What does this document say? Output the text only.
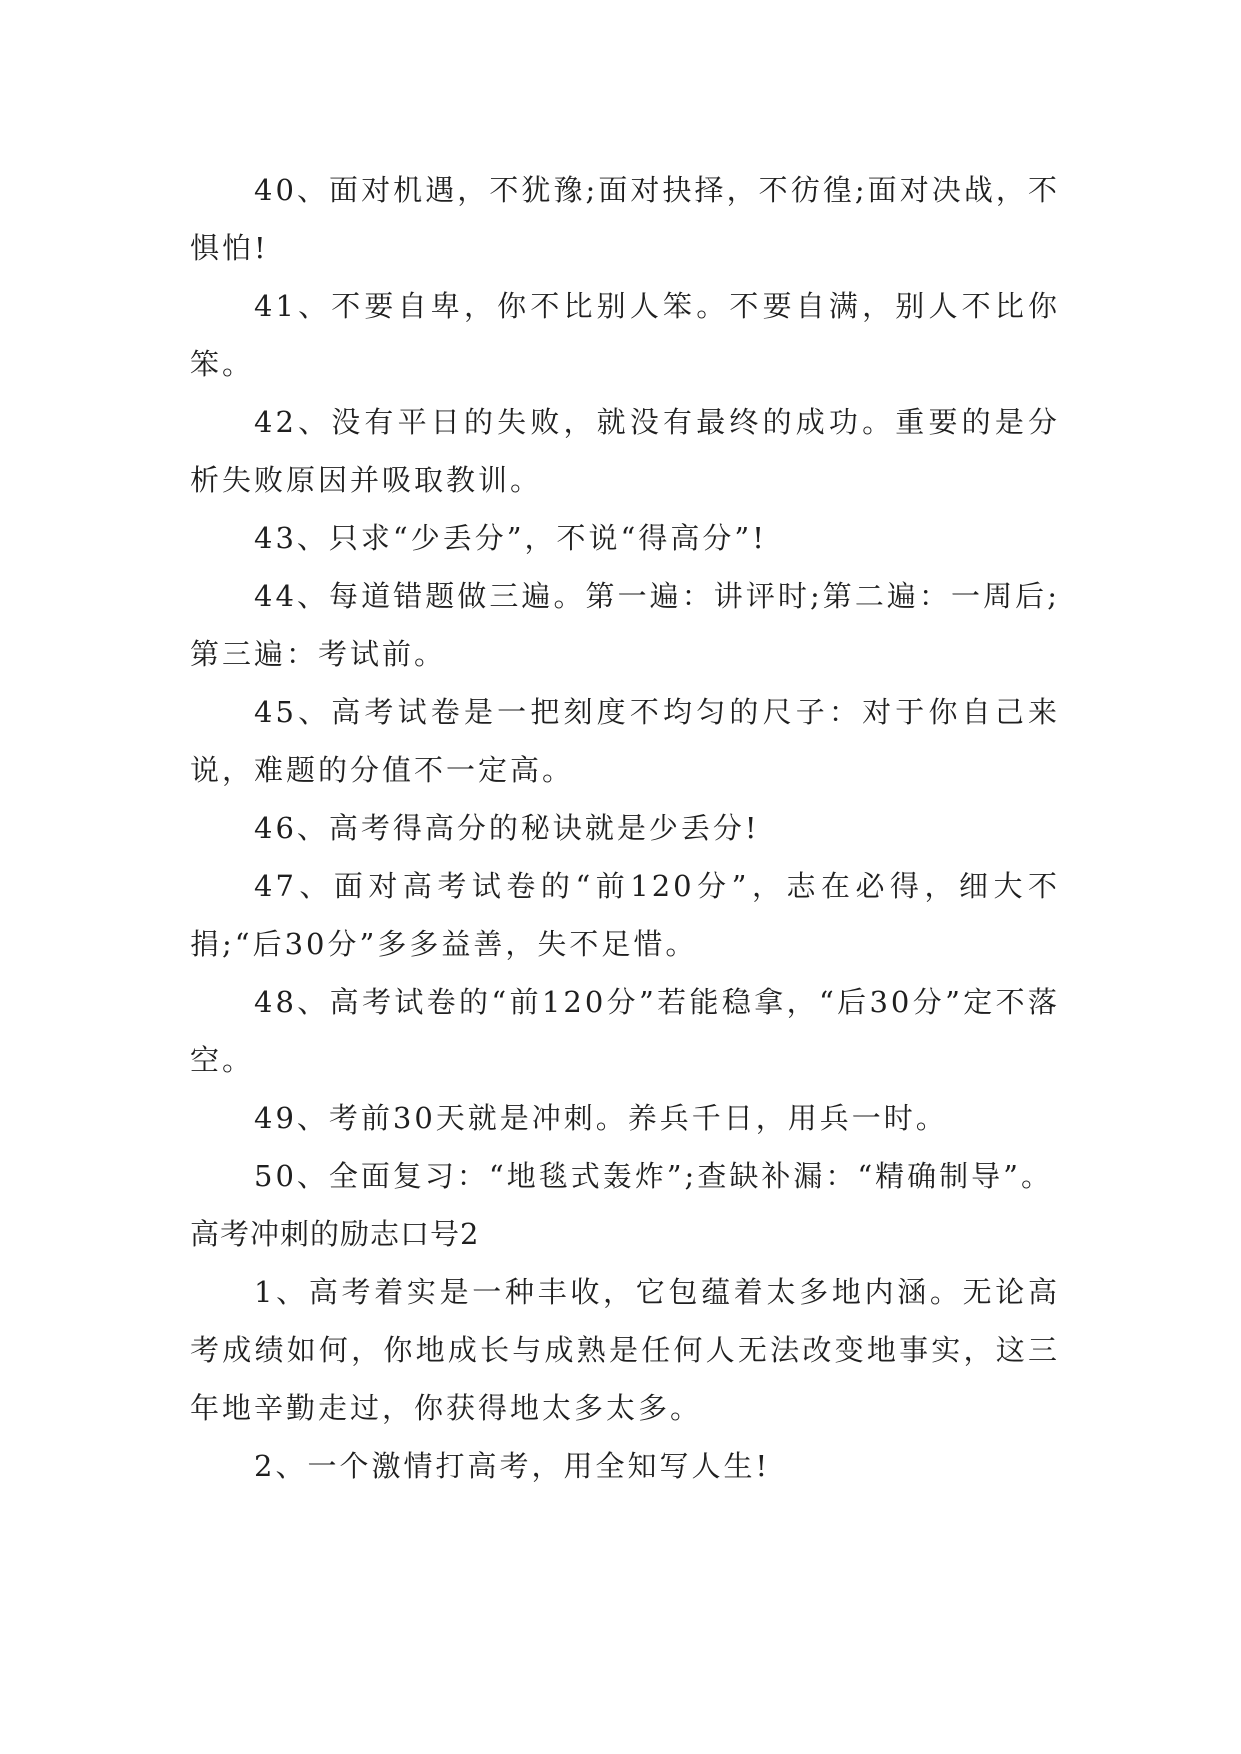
40、面对机遇，不犹豫;面对抉择，不彷徨;面对决战，不惧怕!

41、不要自卑，你不比别人笨。不要自满，别人不比你笨。

42、没有平日的失败，就没有最终的成功。重要的是分析失败原因并吸取教训。

43、只求“少丢分”，不说“得高分”!

44、每道错题做三遍。第一遍：讲评时;第二遍：一周后;第三遍：考试前。

45、高考试卷是一把刻度不均匀的尺子：对于你自己来说，难题的分值不一定高。

46、高考得高分的秘诀就是少丢分!

47、面对高考试卷的“前120分”，志在必得，细大不捐;“后30分”多多益善，失不足惜。

48、高考试卷的“前120分”若能稳拿，“后30分”定不落空。

49、考前30天就是冲刺。养兵千日，用兵一时。

50、全面复习：“地毯式轰炸”;查缺补漏：“精确制导”。

高考冲刺的励志口号2

1、高考着实是一种丰收，它包蕴着太多地内涵。无论高考成绩如何，你地成长与成熟是任何人无法改变地事实，这三年地辛勤走过，你获得地太多太多。

2、一个激情打高考，用全知写人生!
